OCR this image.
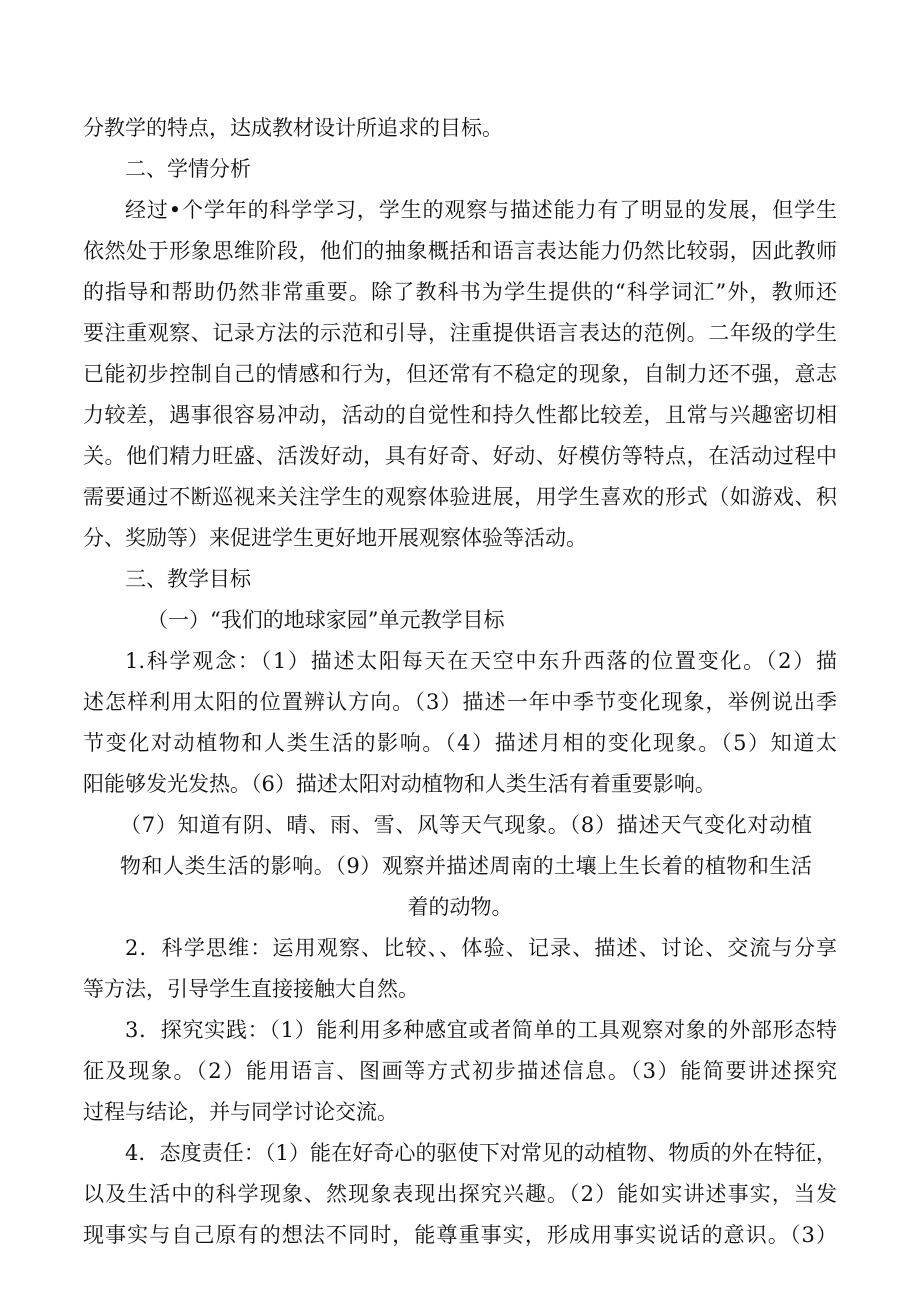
分教学的特点，达成教材设计所追求的目标。
二、学情分析
经过•个学年的科学学习，学生的观察与描述能力有了明显的发展，但学生
依然处于形象思维阶段，他们的抽象概括和语言表达能力仍然比较弱，因此教师
的指导和帮助仍然非常重要。除了教科书为学生提供的“科学词汇”外，教师还
要注重观察、记录方法的示范和引导，注重提供语言表达的范例。二年级的学生
已能初步控制自己的情感和行为，但还常有不稳定的现象，自制力还不强，意志
力较差，遇事很容易冲动，活动的自觉性和持久性都比较差，且常与兴趣密切相
关。他们精力旺盛、活泼好动，具有好奇、好动、好模仿等特点，在活动过程中
需要通过不断巡视来关注学生的观察体验进展，用学生喜欢的形式（如游戏、积
分、奖励等）来促进学生更好地开展观察体验等活动。
三、教学目标
（一）“我们的地球家园”单元教学目标
1.科学观念：（1）描述太阳每天在天空中东升西落的位置变化。（2）描
述怎样利用太阳的位置辨认方向。（3）描述一年中季节变化现象，举例说出季
节变化对动植物和人类生活的影响。（4）描述月相的变化现象。（5）知道太
阳能够发光发热。（6）描述太阳对动植物和人类生活有着重要影响。
（7）知道有阴、晴、雨、雪、风等天气现象。（8）描述天气变化对动植
物和人类生活的影响。（9）观察并描述周南的土壤上生长着的植物和生活
着的动物。
2．科学思维：运用观察、比较、、体验、记录、描述、讨论、交流与分享
等方法，引导学生直接接触大自然。
3．探究实践：（1）能利用多种感宜或者简单的工具观察对象的外部形态特
征及现象。（2）能用语言、图画等方式初步描述信息。（3）能简要讲述探究
过程与结论，并与同学讨论交流。
4．态度责任：（1）能在好奇心的驱使下对常见的动植物、物质的外在特征，
以及生活中的科学现象、然现象表现出探究兴趣。（2）能如实讲述事实，当发
现事实与自己原有的想法不同时，能尊重事实，形成用事实说话的意识。（3）
